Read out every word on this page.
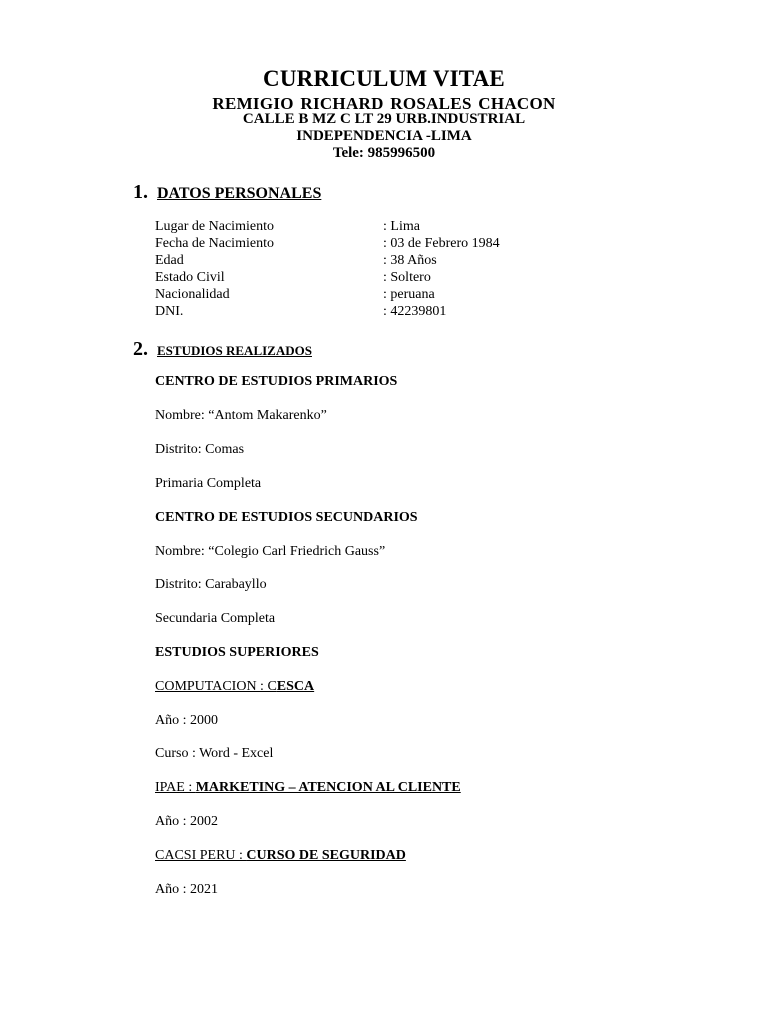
CURRICULUM VITAE
REMIGIO RICHARD ROSALES CHACON
CALLE B MZ C LT 29 URB.INDUSTRIAL
INDEPENDENCIA -LIMA
Tele: 985996500
1. DATOS PERSONALES
Lugar de Nacimiento	: Lima
Fecha de Nacimiento	: 03 de Febrero 1984
Edad	: 38 Años
Estado Civil	: Soltero
Nacionalidad	: peruana
DNI.	: 42239801
2. ESTUDIOS REALIZADOS
CENTRO DE ESTUDIOS PRIMARIOS
Nombre: “Antom Makarenko”
Distrito: Comas
Primaria Completa
CENTRO DE ESTUDIOS SECUNDARIOS
Nombre: “Colegio Carl Friedrich Gauss”
Distrito: Carabayllo
Secundaria Completa
ESTUDIOS SUPERIORES
COMPUTACION : CESCA
Año : 2000
Curso : Word - Excel
IPAE : MARKETING – ATENCION AL CLIENTE
Año : 2002
CACSI PERU : CURSO DE SEGURIDAD
Año : 2021
